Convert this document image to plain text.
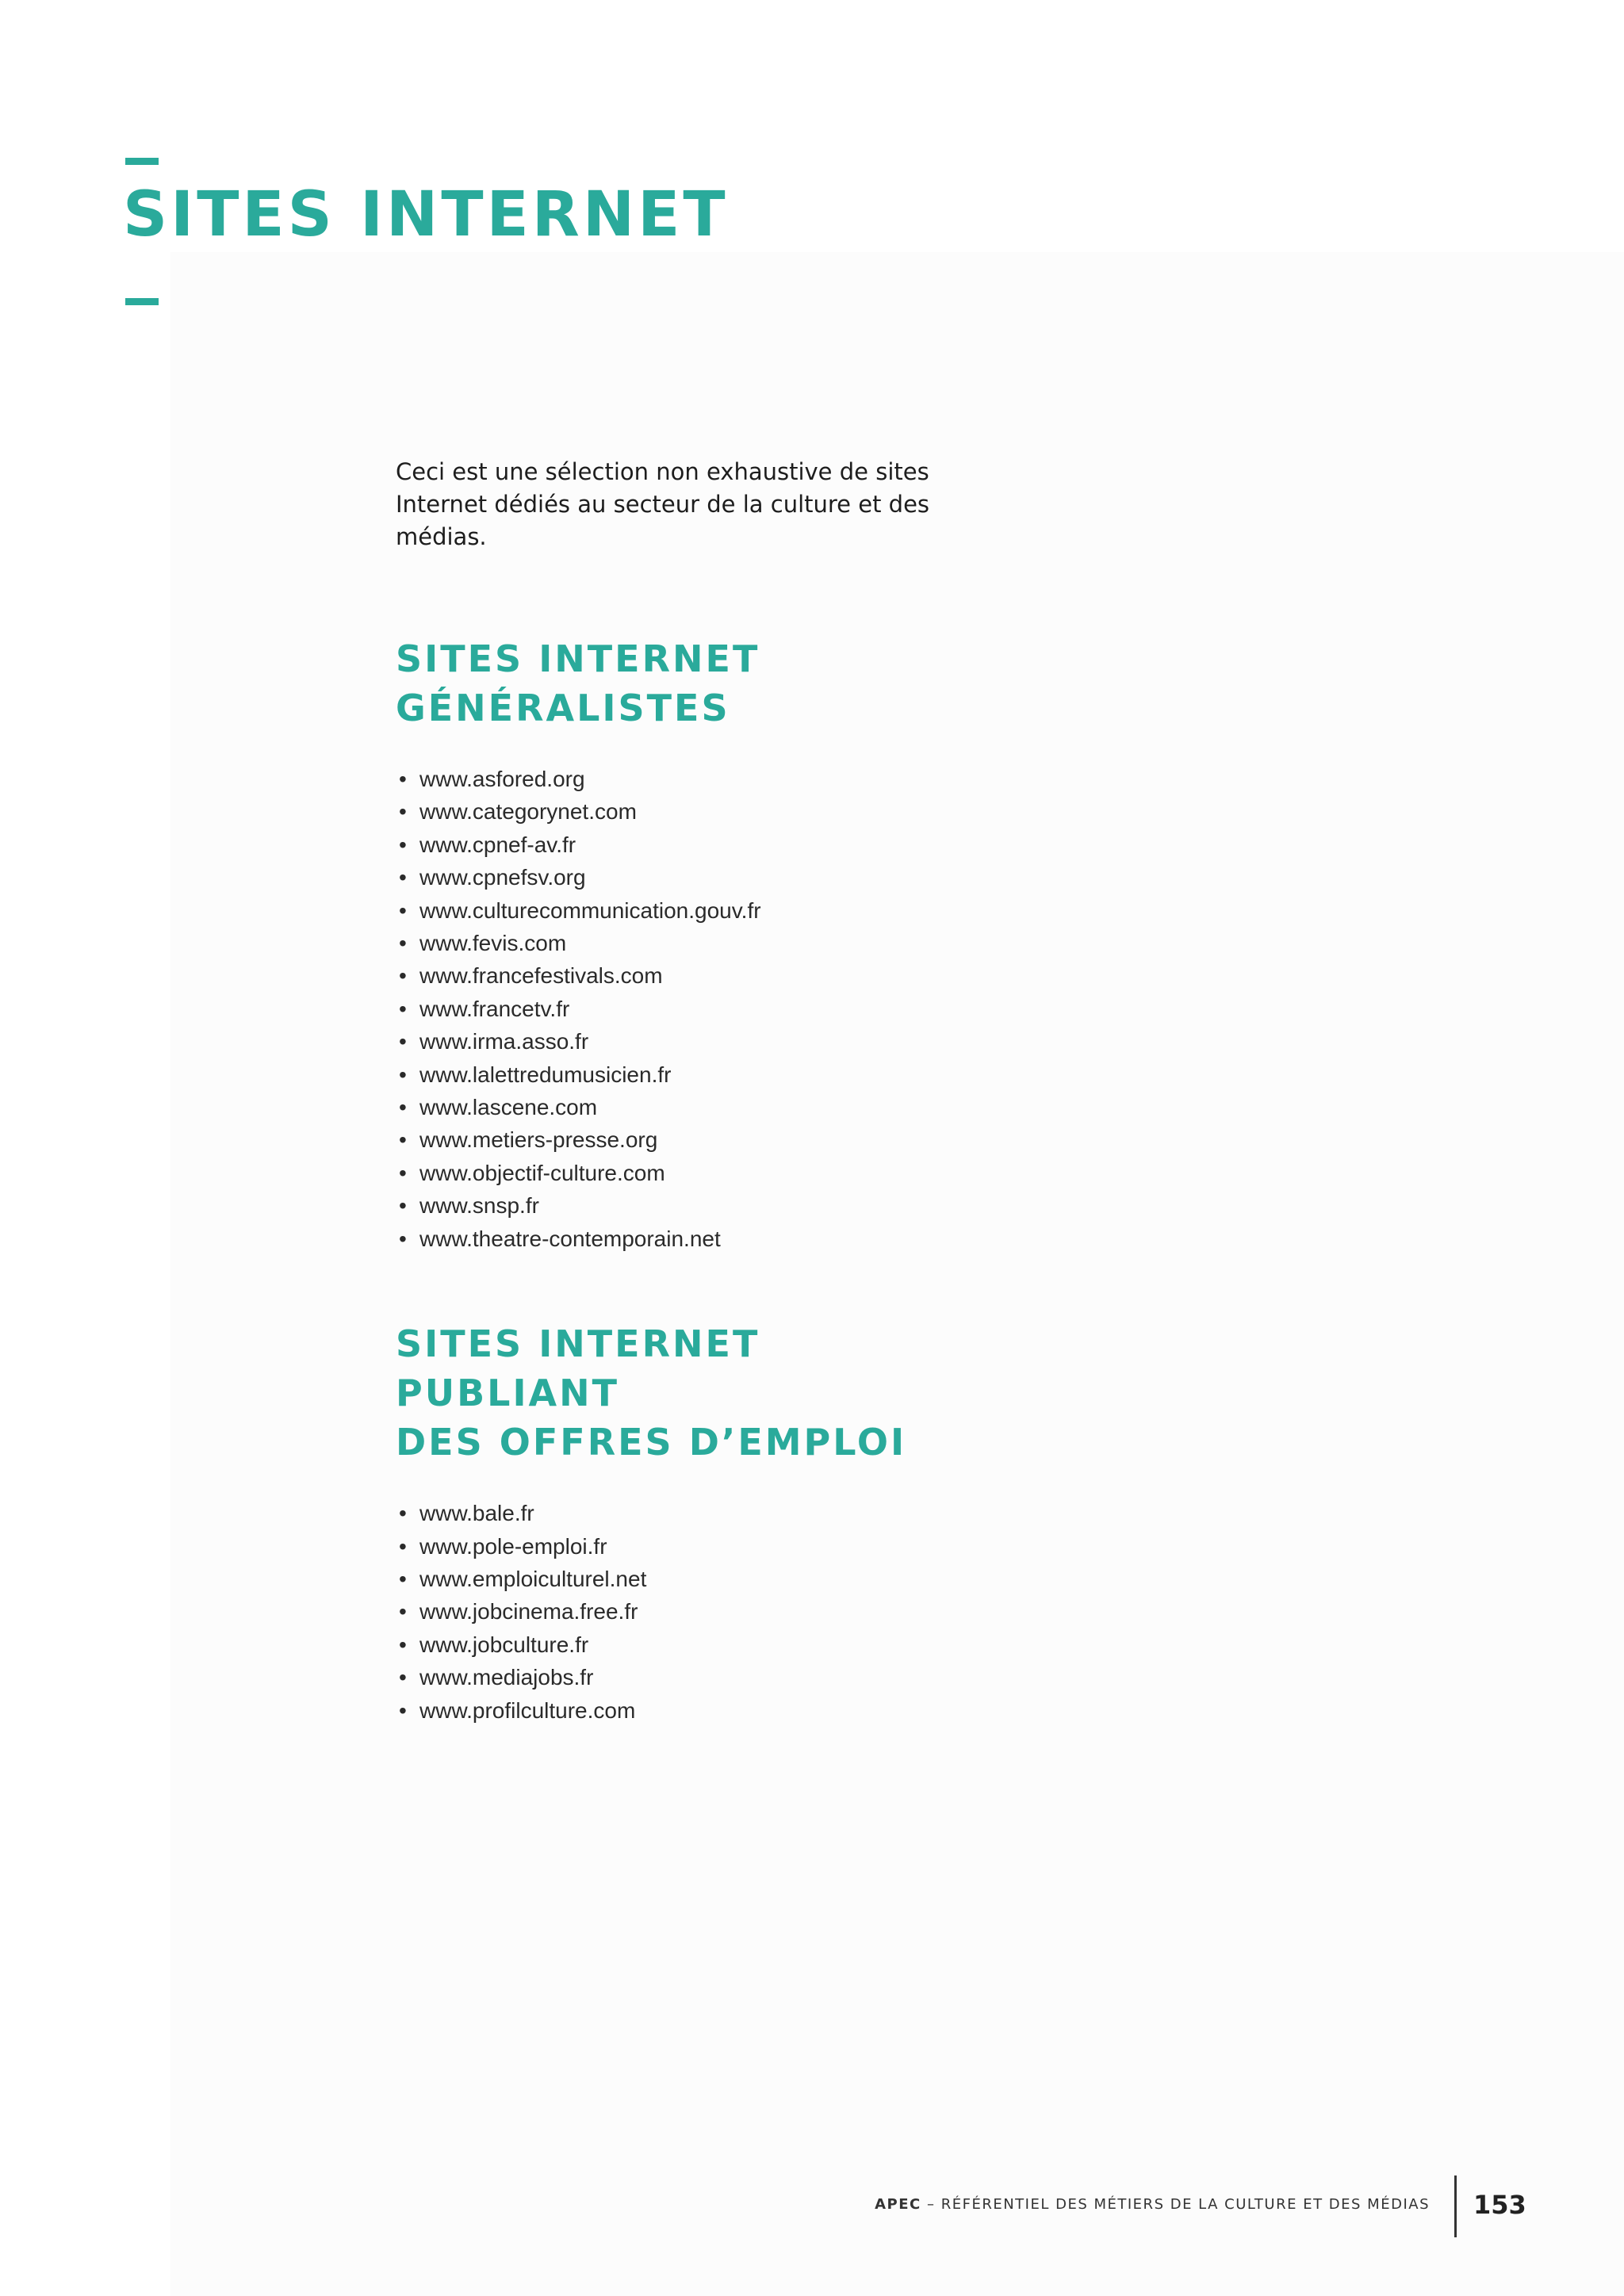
SITES INTERNET

Ceci est une sélection non exhaustive de sites Internet dédiés au secteur de la culture et des médias.

SITES INTERNET
GÉNÉRALISTES
• www.asfored.org
• www.categorynet.com
• www.cpnef-av.fr
• www.cpnefsv.org
• www.culturecommunication.gouv.fr
• www.fevis.com
• www.francefestivals.com
• www.francetv.fr
• www.irma.asso.fr
• www.lalettredumusicien.fr
• www.lascene.com
• www.metiers-presse.org
• www.objectif-culture.com
• www.snsp.fr
• www.theatre-contemporain.net
SITES INTERNET PUBLIANT
DES OFFRES D’EMPLOI
• www.bale.fr
• www.pole-emploi.fr
• www.emploiculturel.net
• www.jobcinema.free.fr
• www.jobculture.fr
• www.mediajobs.fr
• www.profilculture.com
APEC – RÉFÉRENTIEL DES MÉTIERS DE LA CULTURE ET DES MÉDIAS 153
